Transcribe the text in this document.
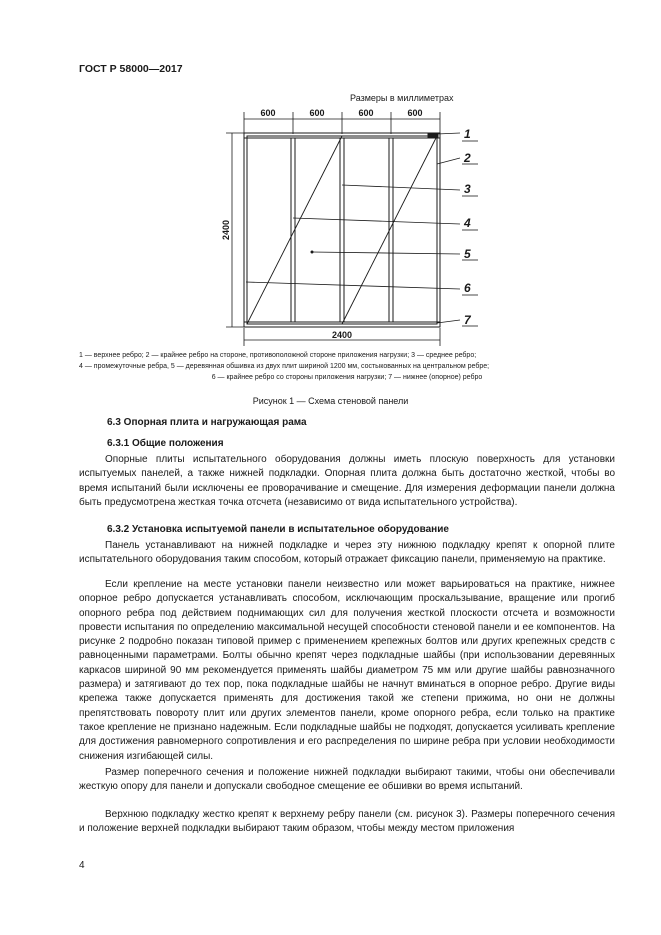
ГОСТ Р 58000—2017
Размеры в миллиметрах
600	600	600	600
2400
2400
1
2
3
4
5
6
7
1 — верхнее ребро; 2 — крайнее ребро на стороне, противоположной стороне приложения нагрузки; 3 — среднее ребро;
4 — промежуточные ребра, 5 — деревянная обшивка из двух плит шириной 1200 мм, состыкованных на центральном ребре;
6 — крайнее ребро со стороны приложения нагрузки; 7 — нижнее (опорное) ребро
Рисунок 1 — Схема стеновой панели
6.3 Опорная плита и нагружающая рама
6.3.1 Общие положения
Опорные плиты испытательного оборудования должны иметь плоскую поверхность для установки испытуемых панелей, а также нижней подкладки. Опорная плита должна быть достаточно жесткой, чтобы во время испытаний были исключены ее проворачивание и смещение. Для измерения деформации панели должна быть предусмотрена жесткая точка отсчета (независимо от вида испытательного устройства).
6.3.2 Установка испытуемой панели в испытательное оборудование
Панель устанавливают на нижней подкладке и через эту нижнюю подкладку крепят к опорной плите испытательного оборудования таким способом, который отражает фиксацию панели, применяемую на практике.
Если крепление на месте установки панели неизвестно или может варьироваться на практике, нижнее опорное ребро допускается устанавливать способом, исключающим проскальзывание, вращение или прогиб опорного ребра под действием поднимающих сил для получения жесткой плоскости отсчета и возможности провести испытания по определению максимальной несущей способности стеновой панели и ее компонентов. На рисунке 2 подробно показан типовой пример с применением крепежных болтов или других крепежных средств с равноценными параметрами. Болты обычно крепят через подкладные шайбы (при использовании деревянных каркасов шириной 90 мм рекомендуется применять шайбы диаметром 75 мм или другие шайбы равнозначного размера) и затягивают до тех пор, пока подкладные шайбы не начнут вминаться в опорное ребро. Другие виды крепежа также допускается применять для достижения такой же степени прижима, но они не должны препятствовать повороту плит или других элементов панели, кроме опорного ребра, если только на практике такое крепление не признано надежным. Если подкладные шайбы не подходят, допускается усиливать крепление для достижения равномерного сопротивления и его распределения по ширине ребра при условии необходимости снижения изгибающей силы.
Размер поперечного сечения и положение нижней подкладки выбирают такими, чтобы они обеспечивали жесткую опору для панели и допускали свободное смещение ее обшивки во время испытаний.
Верхнюю подкладку жестко крепят к верхнему ребру панели (см. рисунок 3). Размеры поперечного сечения и положение верхней подкладки выбирают таким образом, чтобы между местом приложения
4
